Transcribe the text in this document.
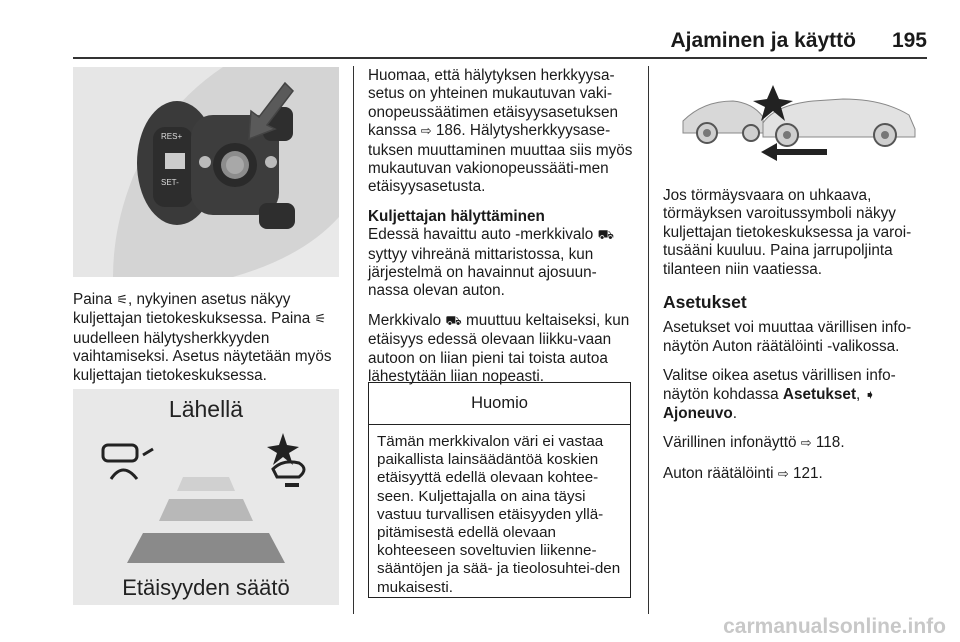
Ajaminen ja käyttö 195
RES+
SET-

Paina ⚟, nykyinen asetus näkyy kuljettajan tietokeskuksessa. Paina ⚟ uudelleen hälytysherkkyyden vaihtamiseksi. Asetus näytetään myös kuljettajan tietokeskuksessa.

Lähellä
Etäisyyden säätö

Huomaa, että hälytyksen herkkyysa-setus on yhteinen mukautuvan vaki-onopeussäätimen etäisyysasetuksen kanssa ⇨ 186. Hälytysherkkyysase-tuksen muuttaminen muuttaa siis myös mukautuvan vakionopeussääti-men etäisyysasetusta.

Kuljettajan hälyttäminen

Edessä havaittu auto -merkkivalo ⛟ syttyy vihreänä mittaristossa, kun järjestelmä on havainnut ajosuun-nassa olevan auton.

Merkkivalo ⛟ muuttuu keltaiseksi, kun etäisyys edessä olevaan liikku-vaan autoon on liian pieni tai toista autoa lähestytään liian nopeasti.

Huomio
Tämän merkkivalon väri ei vastaa paikallista lainsäädäntöä koskien etäisyyttä edellä olevaan kohtee-seen. Kuljettajalla on aina täysi vastuu turvallisen etäisyyden yllä-pitämisestä edellä olevaan kohteeseen soveltuvien liikenne-sääntöjen ja sää- ja tieolosuhtei-den mukaisesti.

Jos törmäysvaara on uhkaava, törmäyksen varoitussymboli näkyy kuljettajan tietokeskuksessa ja varoi-tusääni kuuluu. Paina jarrupoljinta tilanteen niin vaatiessa.

Asetukset

Asetukset voi muuttaa värillisen info-näytön Auton räätälöinti -valikossa.

Valitse oikea asetus värillisen info-näytön kohdassa Asetukset, ➧
Ajoneuvo.

Värillinen infonäyttö ⇨ 118.

Auton räätälöinti ⇨ 121.

carmanualsonline.info
